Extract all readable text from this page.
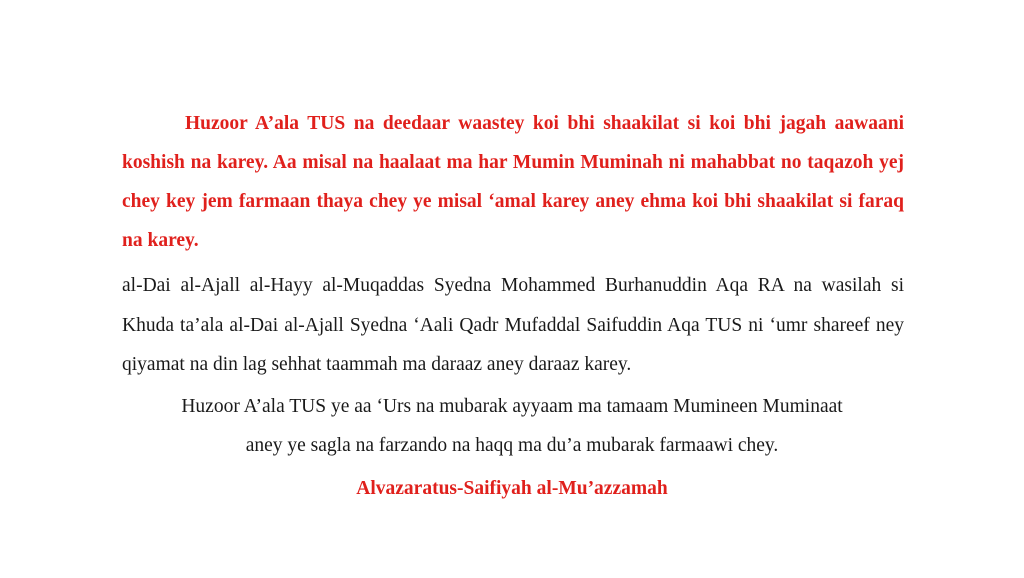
Huzoor A’ala TUS na deedaar waastey koi bhi shaakilat si koi bhi jagah aawaani koshish na karey. Aa misal na haalaat ma har Mumin Muminah ni mahabbat no taqazoh yej chey key jem farmaan thaya chey ye misal ‘amal karey aney ehma koi bhi shaakilat si faraq na karey.

al-Dai al-Ajall al-Hayy al-Muqaddas Syedna Mohammed Burhanuddin Aqa RA na wasilah si Khuda ta’ala al-Dai al-Ajall Syedna ‘Aali Qadr Mufaddal Saifuddin Aqa TUS ni ‘umr shareef ney qiyamat na din lag sehhat taammah ma daraaz aney daraaz karey.

Huzoor A’ala TUS ye aa ‘Urs na mubarak ayyaam ma tamaam Mumineen Muminaat

aney ye sagla na farzando na haqq ma du’a mubarak farmaawi chey.

Alvazaratus-Saifiyah al-Mu’azzamah
